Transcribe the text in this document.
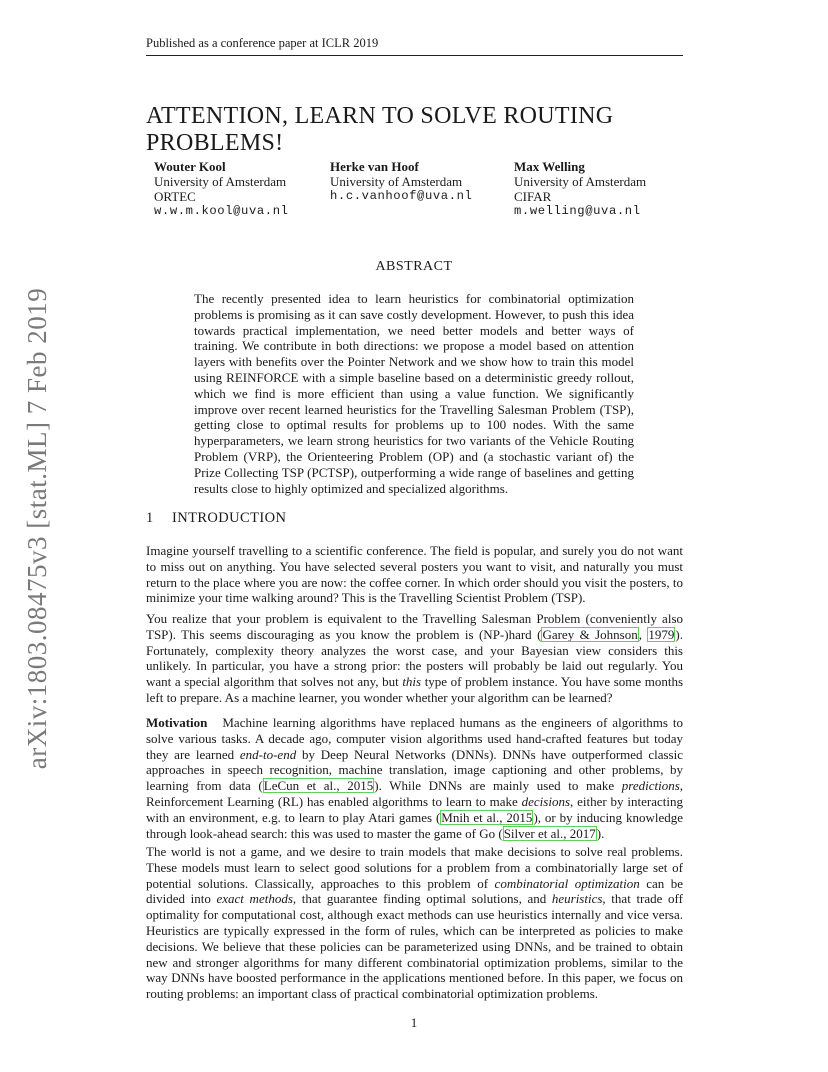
Published as a conference paper at ICLR 2019
arXiv:1803.08475v3 [stat.ML] 7 Feb 2019
ATTENTION, LEARN TO SOLVE ROUTING PROBLEMS!
Wouter Kool
University of Amsterdam
ORTEC
w.w.m.kool@uva.nl
Herke van Hoof
University of Amsterdam
h.c.vanhoof@uva.nl
Max Welling
University of Amsterdam
CIFAR
m.welling@uva.nl
ABSTRACT
The recently presented idea to learn heuristics for combinatorial optimization problems is promising as it can save costly development. However, to push this idea towards practical implementation, we need better models and better ways of training. We contribute in both directions: we propose a model based on attention layers with benefits over the Pointer Network and we show how to train this model using REINFORCE with a simple baseline based on a deterministic greedy rollout, which we find is more efficient than using a value function. We significantly improve over recent learned heuristics for the Travelling Salesman Problem (TSP), getting close to optimal results for problems up to 100 nodes. With the same hyperparameters, we learn strong heuristics for two variants of the Vehicle Routing Problem (VRP), the Orienteering Problem (OP) and (a stochastic variant of) the Prize Collecting TSP (PCTSP), outperforming a wide range of baselines and getting results close to highly optimized and specialized algorithms.
1 INTRODUCTION

Imagine yourself travelling to a scientific conference. The field is popular, and surely you do not want to miss out on anything. You have selected several posters you want to visit, and naturally you must return to the place where you are now: the coffee corner. In which order should you visit the posters, to minimize your time walking around? This is the Travelling Scientist Problem (TSP).

You realize that your problem is equivalent to the Travelling Salesman Problem (conveniently also TSP). This seems discouraging as you know the problem is (NP-)hard (Garey & Johnson, 1979). Fortunately, complexity theory analyzes the worst case, and your Bayesian view considers this unlikely. In particular, you have a strong prior: the posters will probably be laid out regularly. You want a special algorithm that solves not any, but this type of problem instance. You have some months left to prepare. As a machine learner, you wonder whether your algorithm can be learned?

Motivation Machine learning algorithms have replaced humans as the engineers of algorithms to solve various tasks. A decade ago, computer vision algorithms used hand-crafted features but today they are learned end-to-end by Deep Neural Networks (DNNs). DNNs have outperformed classic approaches in speech recognition, machine translation, image captioning and other problems, by learning from data (LeCun et al., 2015). While DNNs are mainly used to make predictions, Reinforcement Learning (RL) has enabled algorithms to learn to make decisions, either by interacting with an environment, e.g. to learn to play Atari games (Mnih et al., 2015), or by inducing knowledge through look-ahead search: this was used to master the game of Go (Silver et al., 2017).

The world is not a game, and we desire to train models that make decisions to solve real problems. These models must learn to select good solutions for a problem from a combinatorially large set of potential solutions. Classically, approaches to this problem of combinatorial optimization can be divided into exact methods, that guarantee finding optimal solutions, and heuristics, that trade off optimality for computational cost, although exact methods can use heuristics internally and vice versa. Heuristics are typically expressed in the form of rules, which can be interpreted as policies to make decisions. We believe that these policies can be parameterized using DNNs, and be trained to obtain new and stronger algorithms for many different combinatorial optimization problems, similar to the way DNNs have boosted performance in the applications mentioned before. In this paper, we focus on routing problems: an important class of practical combinatorial optimization problems.

1
